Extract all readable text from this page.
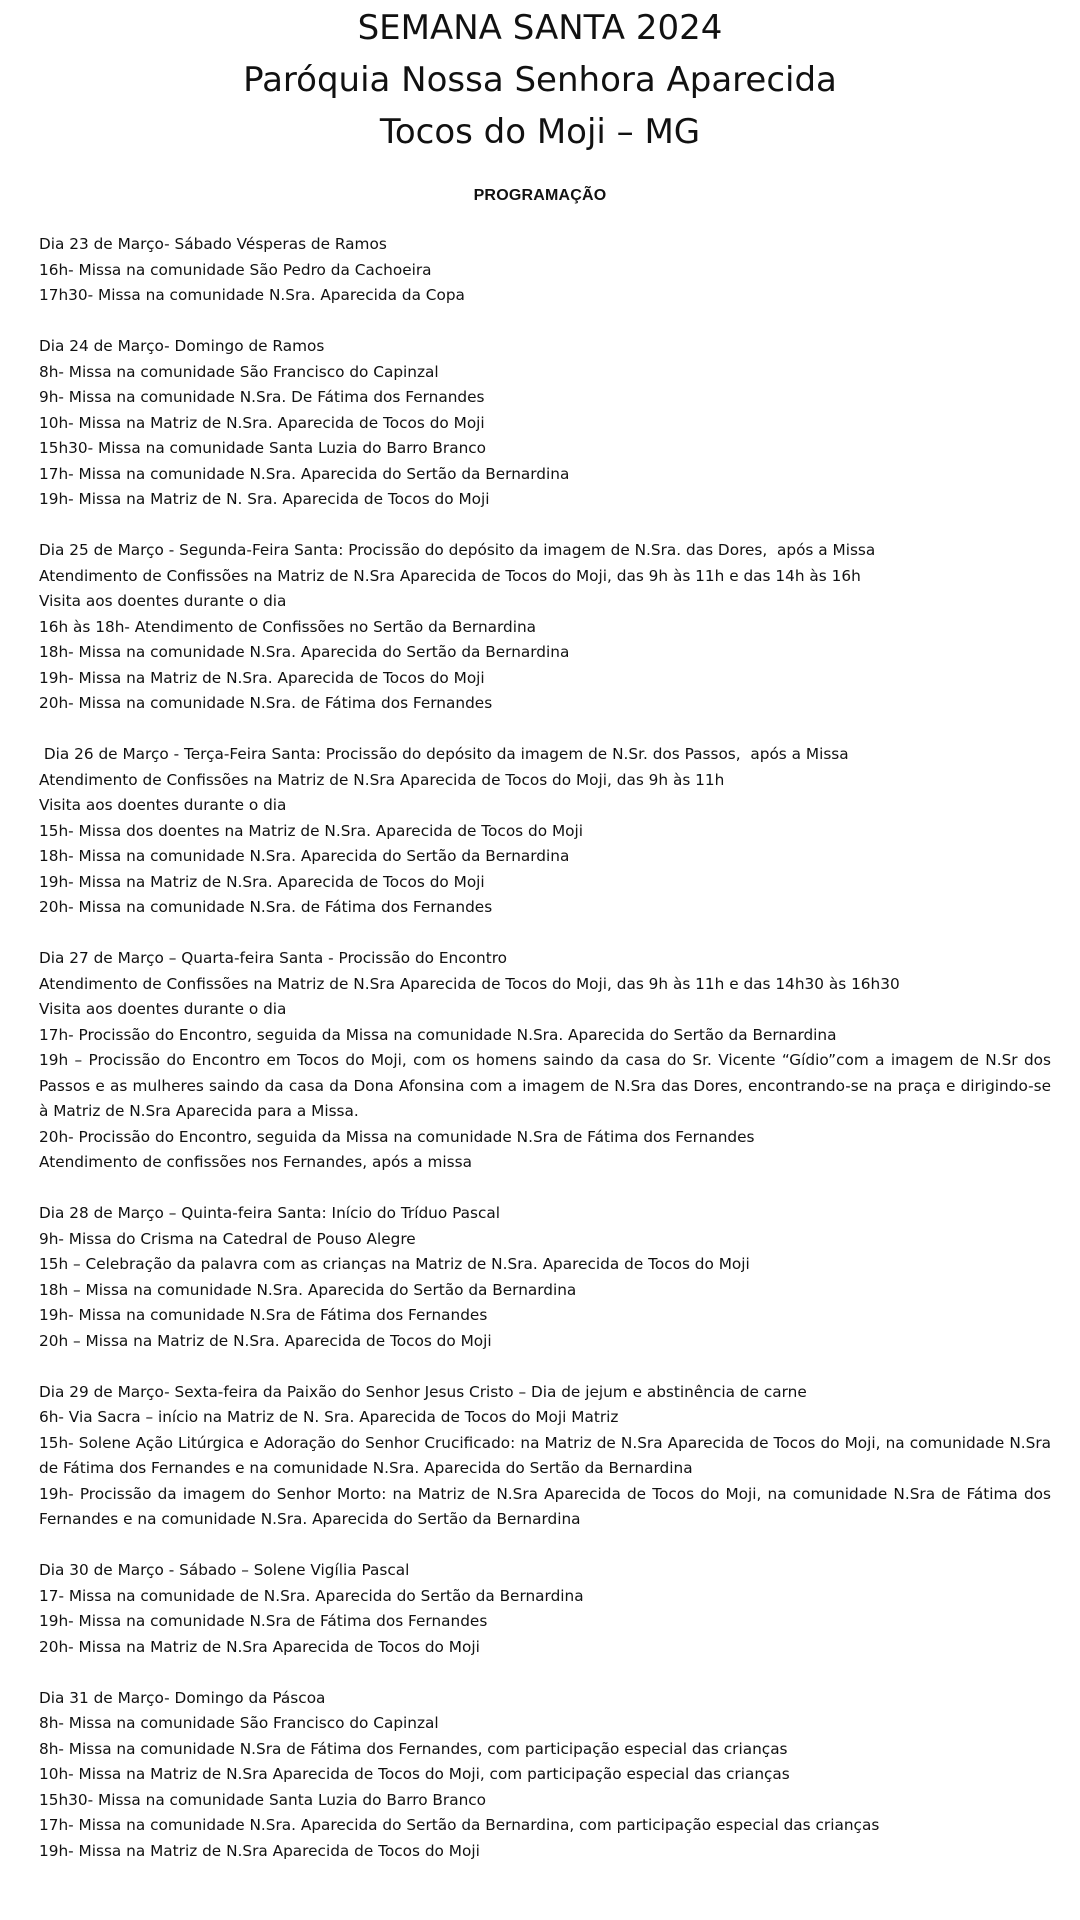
SEMANA SANTA 2024
Paróquia Nossa Senhora Aparecida
Tocos do Moji – MG
PROGRAMAÇÃO
Dia 23 de Março- Sábado Vésperas de Ramos
16h- Missa na comunidade São Pedro da Cachoeira
17h30- Missa na comunidade N.Sra. Aparecida da Copa
Dia 24 de Março- Domingo de Ramos
8h- Missa na comunidade São Francisco do Capinzal
9h- Missa na comunidade N.Sra. De Fátima dos Fernandes
10h- Missa na Matriz de N.Sra. Aparecida de Tocos do Moji
15h30- Missa na comunidade Santa Luzia do Barro Branco
17h- Missa na comunidade N.Sra. Aparecida do Sertão da Bernardina
19h- Missa na Matriz de N. Sra. Aparecida de Tocos do Moji
Dia 25 de Março - Segunda-Feira Santa: Procissão do depósito da imagem de N.Sra. das Dores,  após a Missa
Atendimento de Confissões na Matriz de N.Sra Aparecida de Tocos do Moji, das 9h às 11h e das 14h às 16h
Visita aos doentes durante o dia
16h às 18h- Atendimento de Confissões no Sertão da Bernardina
18h- Missa na comunidade N.Sra. Aparecida do Sertão da Bernardina
19h- Missa na Matriz de N.Sra. Aparecida de Tocos do Moji
20h- Missa na comunidade N.Sra. de Fátima dos Fernandes
Dia 26 de Março - Terça-Feira Santa: Procissão do depósito da imagem de N.Sr. dos Passos,  após a Missa
Atendimento de Confissões na Matriz de N.Sra Aparecida de Tocos do Moji, das 9h às 11h
Visita aos doentes durante o dia
15h- Missa dos doentes na Matriz de N.Sra. Aparecida de Tocos do Moji
18h- Missa na comunidade N.Sra. Aparecida do Sertão da Bernardina
19h- Missa na Matriz de N.Sra. Aparecida de Tocos do Moji
20h- Missa na comunidade N.Sra. de Fátima dos Fernandes
Dia 27 de Março – Quarta-feira Santa - Procissão do Encontro
Atendimento de Confissões na Matriz de N.Sra Aparecida de Tocos do Moji, das 9h às 11h e das 14h30 às 16h30
Visita aos doentes durante o dia
17h- Procissão do Encontro, seguida da Missa na comunidade N.Sra. Aparecida do Sertão da Bernardina
19h – Procissão do Encontro em Tocos do Moji, com os homens saindo da casa do Sr. Vicente “Gídio”com a imagem de N.Sr dos Passos e as mulheres saindo da casa da Dona Afonsina com a imagem de N.Sra das Dores, encontrando-se na praça e dirigindo-se à Matriz de N.Sra Aparecida para a Missa.
20h- Procissão do Encontro, seguida da Missa na comunidade N.Sra de Fátima dos Fernandes
Atendimento de confissões nos Fernandes, após a missa
Dia 28 de Março – Quinta-feira Santa: Início do Tríduo Pascal
9h- Missa do Crisma na Catedral de Pouso Alegre
15h – Celebração da palavra com as crianças na Matriz de N.Sra. Aparecida de Tocos do Moji
18h – Missa na comunidade N.Sra. Aparecida do Sertão da Bernardina
19h- Missa na comunidade N.Sra de Fátima dos Fernandes
20h – Missa na Matriz de N.Sra. Aparecida de Tocos do Moji
Dia 29 de Março- Sexta-feira da Paixão do Senhor Jesus Cristo – Dia de jejum e abstinência de carne
6h- Via Sacra – início na Matriz de N. Sra. Aparecida de Tocos do Moji Matriz
15h- Solene Ação Litúrgica e Adoração do Senhor Crucificado: na Matriz de N.Sra Aparecida de Tocos do Moji, na comunidade N.Sra de Fátima dos Fernandes e na comunidade N.Sra. Aparecida do Sertão da Bernardina
19h- Procissão da imagem do Senhor Morto: na Matriz de N.Sra Aparecida de Tocos do Moji, na comunidade N.Sra de Fátima dos Fernandes e na comunidade N.Sra. Aparecida do Sertão da Bernardina
Dia 30 de Março - Sábado – Solene Vigília Pascal
17- Missa na comunidade de N.Sra. Aparecida do Sertão da Bernardina
19h- Missa na comunidade N.Sra de Fátima dos Fernandes
20h- Missa na Matriz de N.Sra Aparecida de Tocos do Moji
Dia 31 de Março- Domingo da Páscoa
8h- Missa na comunidade São Francisco do Capinzal
8h- Missa na comunidade N.Sra de Fátima dos Fernandes, com participação especial das crianças
10h- Missa na Matriz de N.Sra Aparecida de Tocos do Moji, com participação especial das crianças
15h30- Missa na comunidade Santa Luzia do Barro Branco
17h- Missa na comunidade N.Sra. Aparecida do Sertão da Bernardina, com participação especial das crianças
19h- Missa na Matriz de N.Sra Aparecida de Tocos do Moji
